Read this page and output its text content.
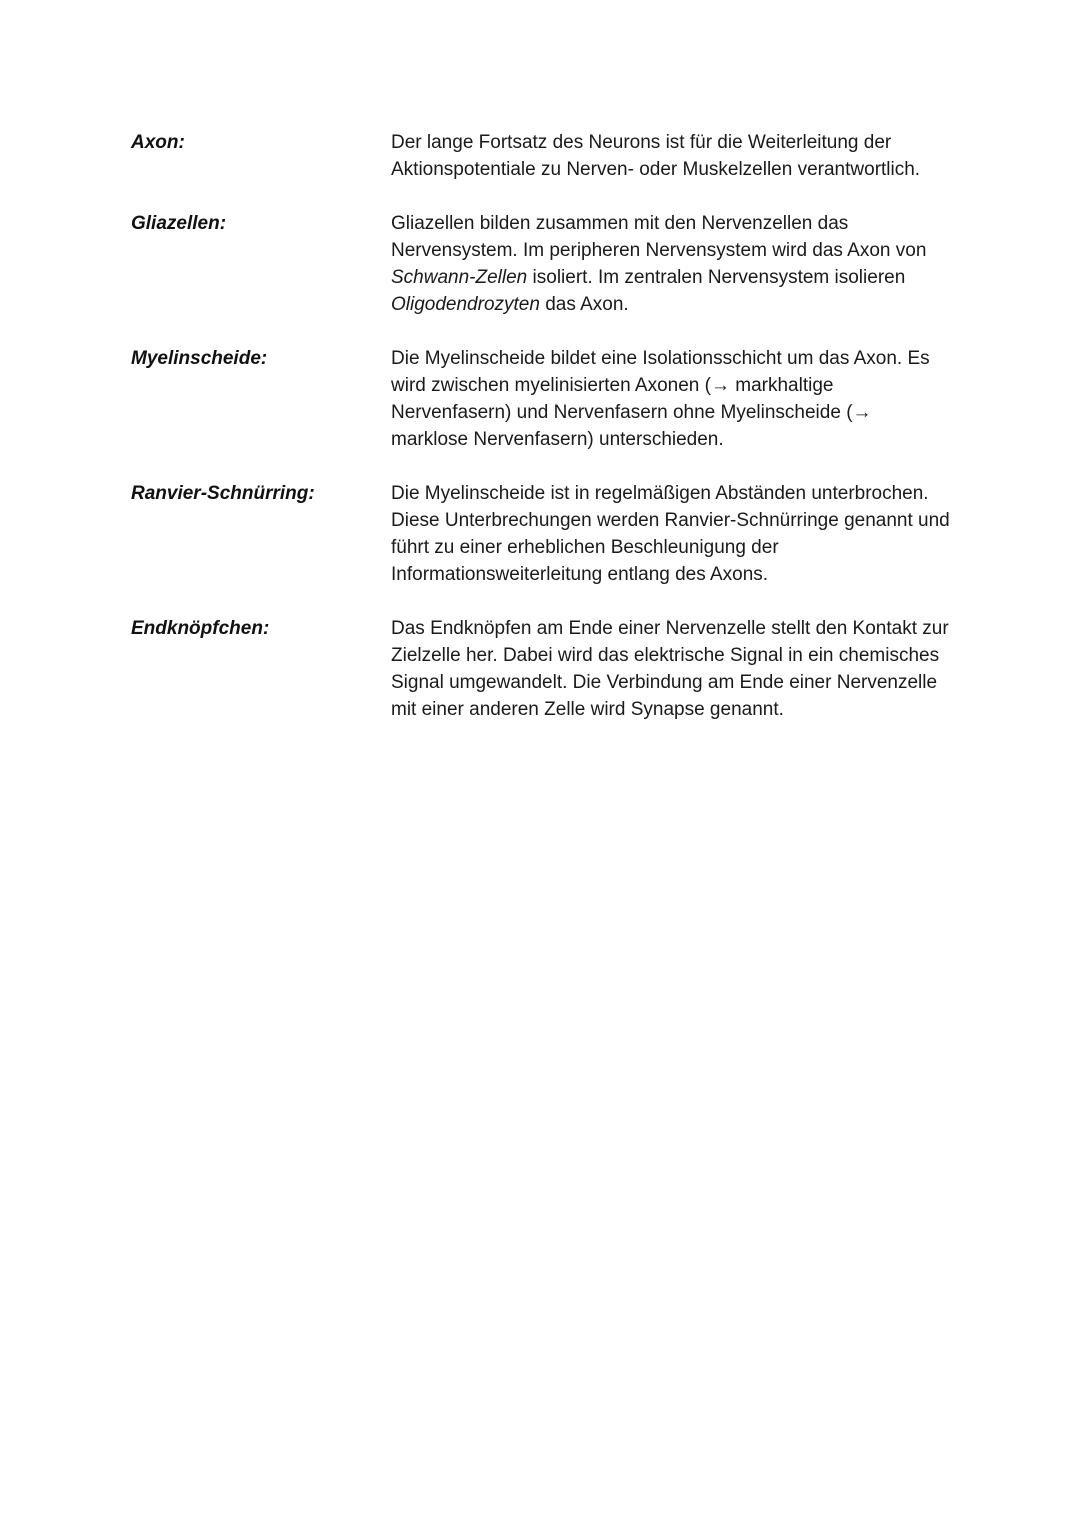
Axon:	Der lange Fortsatz des Neurons ist für die Weiterleitung der Aktionspotentiale zu Nerven- oder Muskelzellen verantwortlich.
Gliazellen:	Gliazellen bilden zusammen mit den Nervenzellen das Nervensystem. Im peripheren Nervensystem wird das Axon von Schwann-Zellen isoliert. Im zentralen Nervensystem isolieren Oligodendrozyten das Axon.
Myelinscheide:	Die Myelinscheide bildet eine Isolationsschicht um das Axon. Es wird zwischen myelinisierten Axonen (→ markhaltige Nervenfasern) und Nervenfasern ohne Myelinscheide (→ marklose Nervenfasern) unterschieden.
Ranvier-Schnürring:	Die Myelinscheide ist in regelmäßigen Abständen unterbrochen. Diese Unterbrechungen werden Ranvier-Schnürringe genannt und führt zu einer erheblichen Beschleunigung der Informationsweiterleitung entlang des Axons.
Endknöpfchen:	Das Endknöpfen am Ende einer Nervenzelle stellt den Kontakt zur Zielzelle her. Dabei wird das elektrische Signal in ein chemisches Signal umgewandelt. Die Verbindung am Ende einer Nervenzelle mit einer anderen Zelle wird Synapse genannt.
